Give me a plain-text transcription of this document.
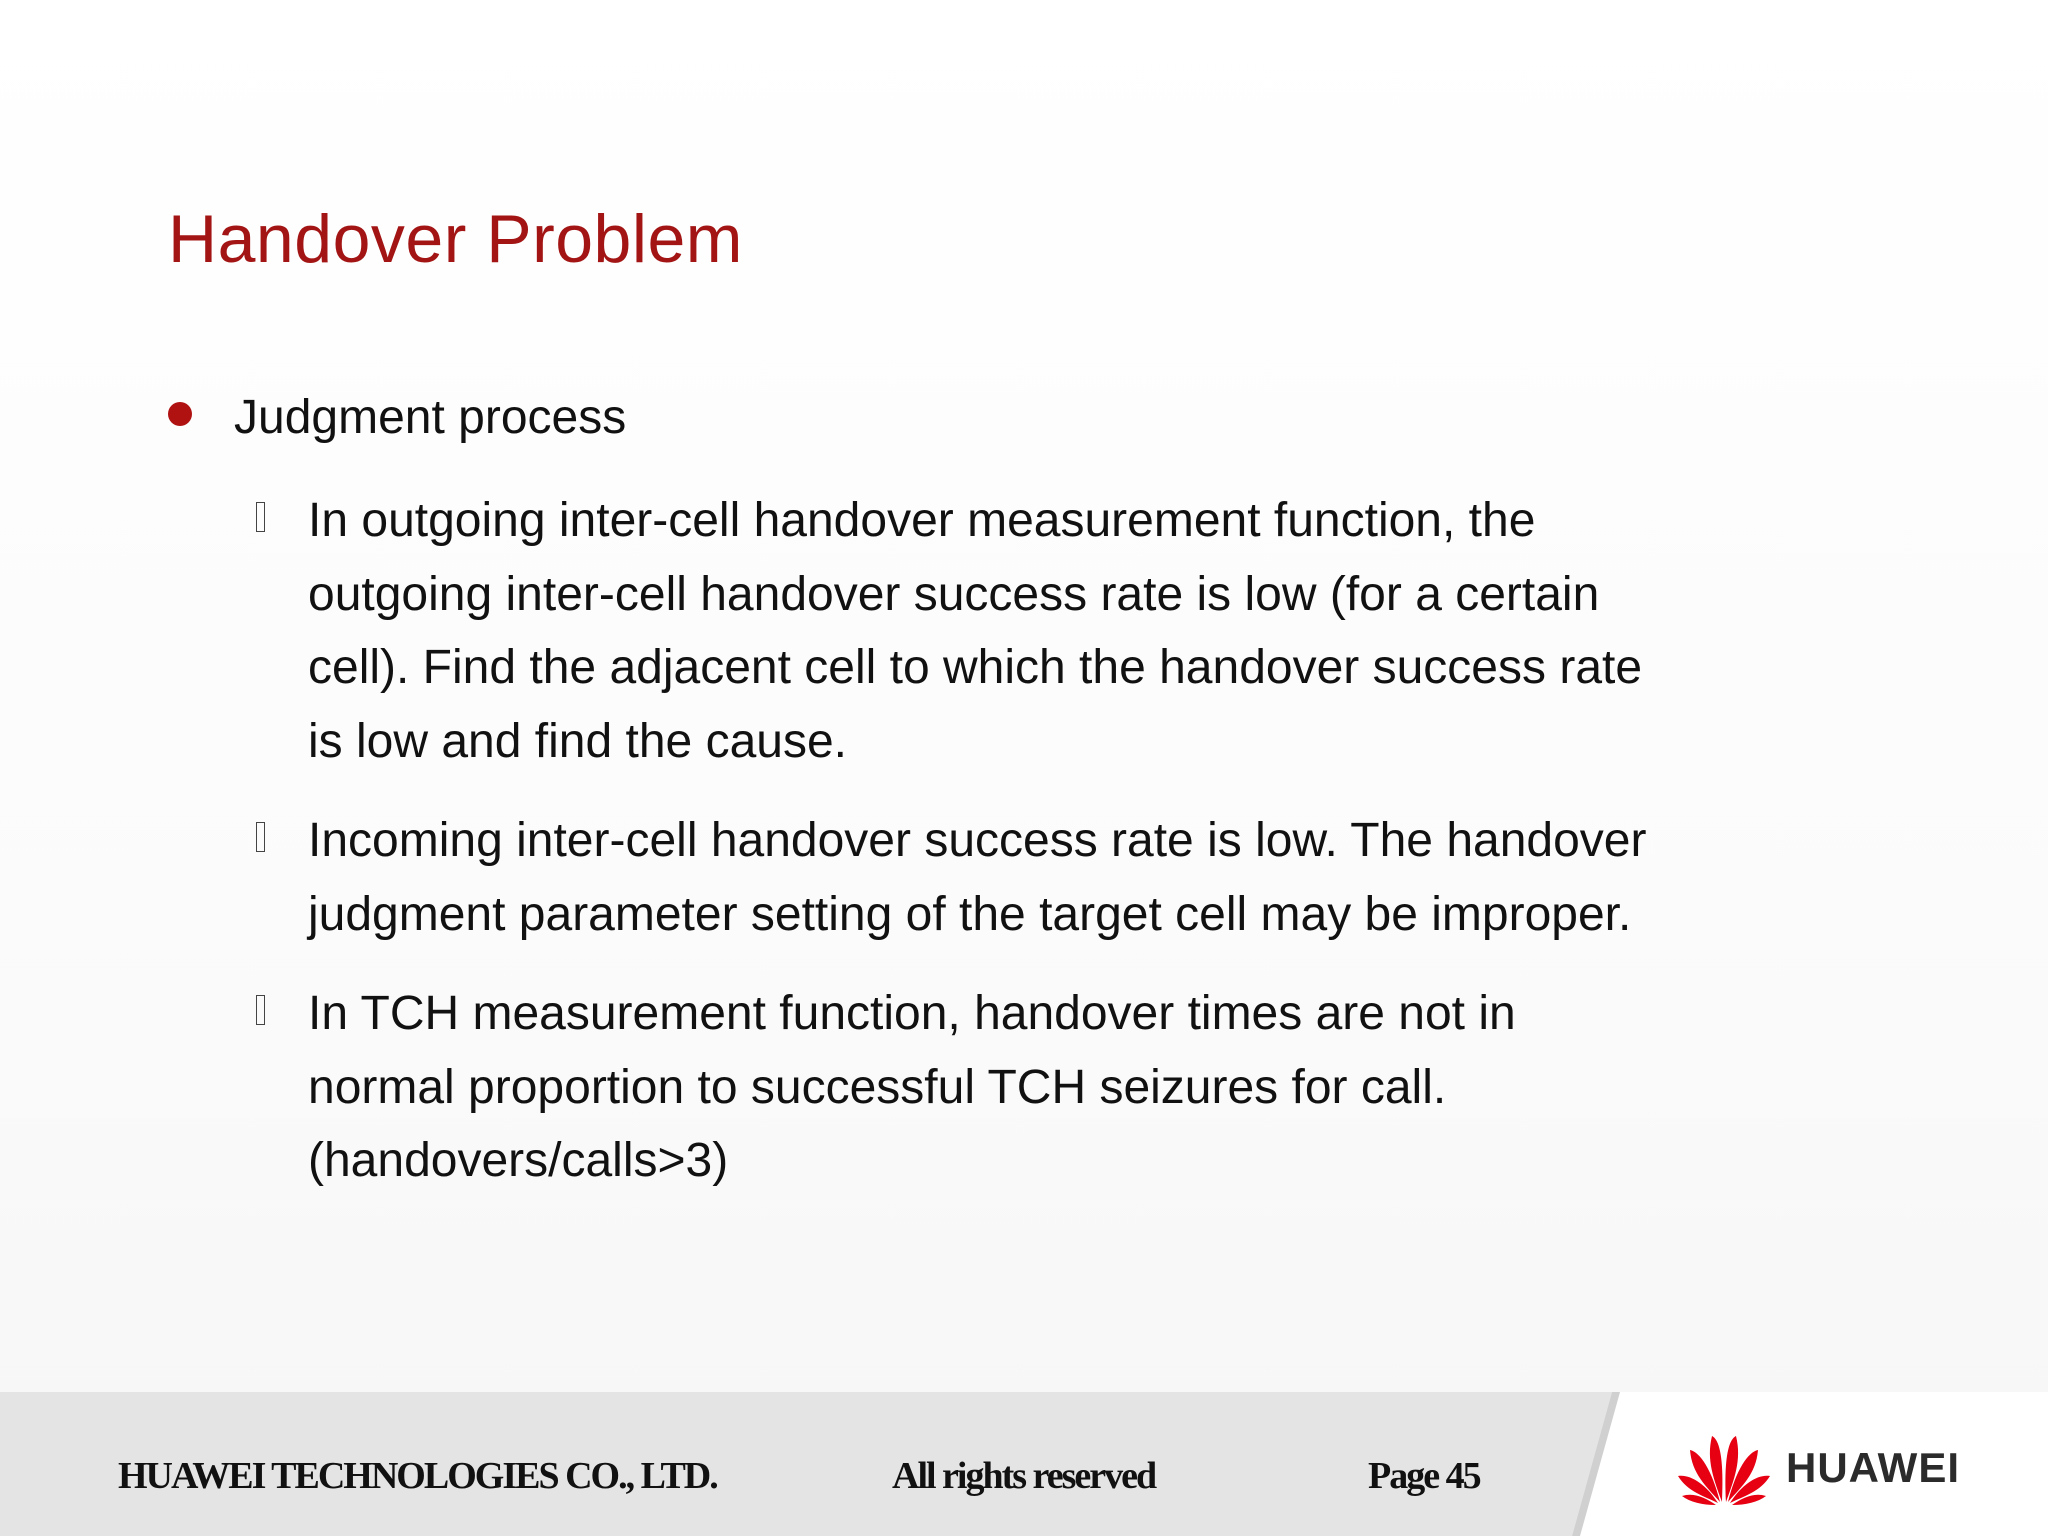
Handover Problem
Judgment process
In outgoing inter-cell handover measurement function, the outgoing inter-cell handover success rate is low (for a certain cell). Find the adjacent cell to which the handover success rate is low and find the cause.
Incoming inter-cell handover success rate is low. The handover judgment parameter setting of the target cell may be improper.
In TCH measurement function, handover times are not in normal proportion to successful TCH seizures for call. (handovers/calls>3)
HUAWEI TECHNOLOGIES CO., LTD.	All rights reserved	Page 45	HUAWEI
